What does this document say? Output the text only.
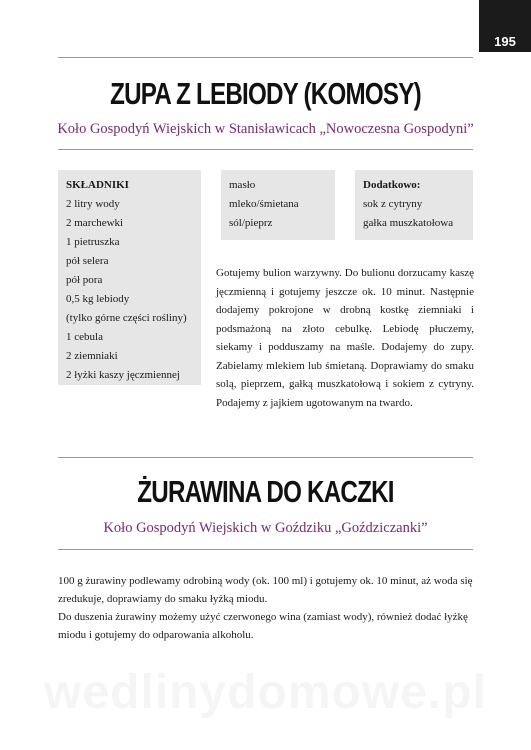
195
ZUPA Z LEBIODY (KOMOSY)
Koło Gospodyń Wiejskich w Stanisławicach „Nowoczesna Gospodyni”
SKŁADNIKI
2 litry wody
2 marchewki
1 pietruszka
pół selera
pół pora
0,5 kg lebiody
(tylko górne części rośliny)
1 cebula
2 ziemniaki
2 łyżki kaszy jęczmiennej
masło
mleko/śmietana
sól/pieprz
Dodatkowo:
sok z cytryny
gałka muszkatołowa

Gotujemy bulion warzywny. Do bulionu dorzucamy kaszę jęczmienną i gotujemy jeszcze ok. 10 minut. Następnie dodajemy pokrojone w drobną kostkę ziemniaki i podsmażoną na złoto cebulkę. Lebiodę płuczemy, siekamy i podduszamy na maśle. Dodajemy do zupy. Zabielamy mlekiem lub śmietaną. Doprawiamy do smaku solą, pieprzem, gałką muszkatołową i sokiem z cytryny. Podajemy z jajkiem ugotowanym na twardo.

ŻURAWINA DO KACZKI
Koło Gospodyń Wiejskich w Goździku „Goździczanki”

100 g żurawiny podlewamy odrobiną wody (ok. 100 ml) i gotujemy ok. 10 minut, aż woda się zredukuje, doprawiamy do smaku łyżką miodu.

Do duszenia żurawiny możemy użyć czerwonego wina (zamiast wody), również dodać łyżkę miodu i gotujemy do odparowania alkoholu.
